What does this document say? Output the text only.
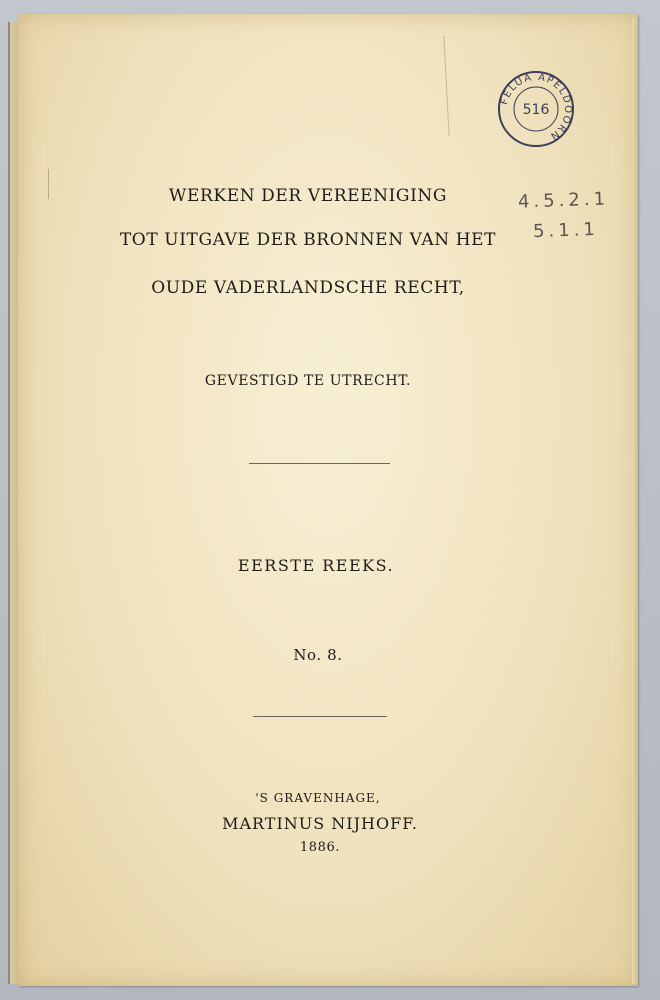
WERKEN DER VEREENIGING
TOT UITGAVE DER BRONNEN VAN HET
OUDE VADERLANDSCHE RECHT,
GEVESTIGD TE UTRECHT.
EERSTE REEKS.
No. 8.
'S GRAVENHAGE,
MARTINUS NIJHOFF.
1886.
FELUA APELDOORN
516
4.5.2.1
5.1.1
